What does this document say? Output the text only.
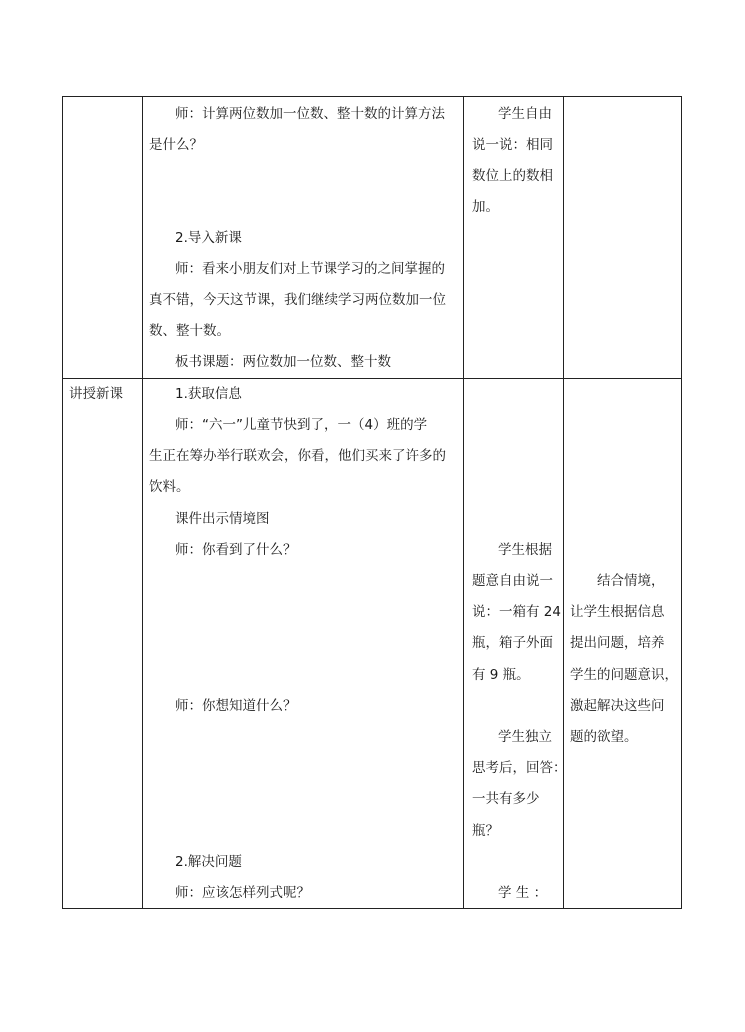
师：计算两位数加一位数、整十数的计算方法
是什么？
2.导入新课
师：看来小朋友们对上节课学习的之间掌握的
真不错，今天这节课，我们继续学习两位数加一位
数、整十数。
板书课题：两位数加一位数、整十数
学生自由
说一说：相同
数位上的数相
加。
讲授新课	1.获取信息
师：“六一”儿童节快到了，一（4）班的学
生正在筹办举行联欢会，你看，他们买来了许多的
饮料。
课件出示情境图
师：你看到了什么？
师：你想知道什么？
2.解决问题
师：应该怎样列式呢？
学生根据
题意自由说一
说：一箱有 24
瓶，箱子外面
有 9 瓶。
学生独立
思考后，回答：
一共有多少
瓶？
学 生 ：
结合情境，
让学生根据信息
提出问题，培养
学生的问题意识，
激起解决这些问
题的欲望。
